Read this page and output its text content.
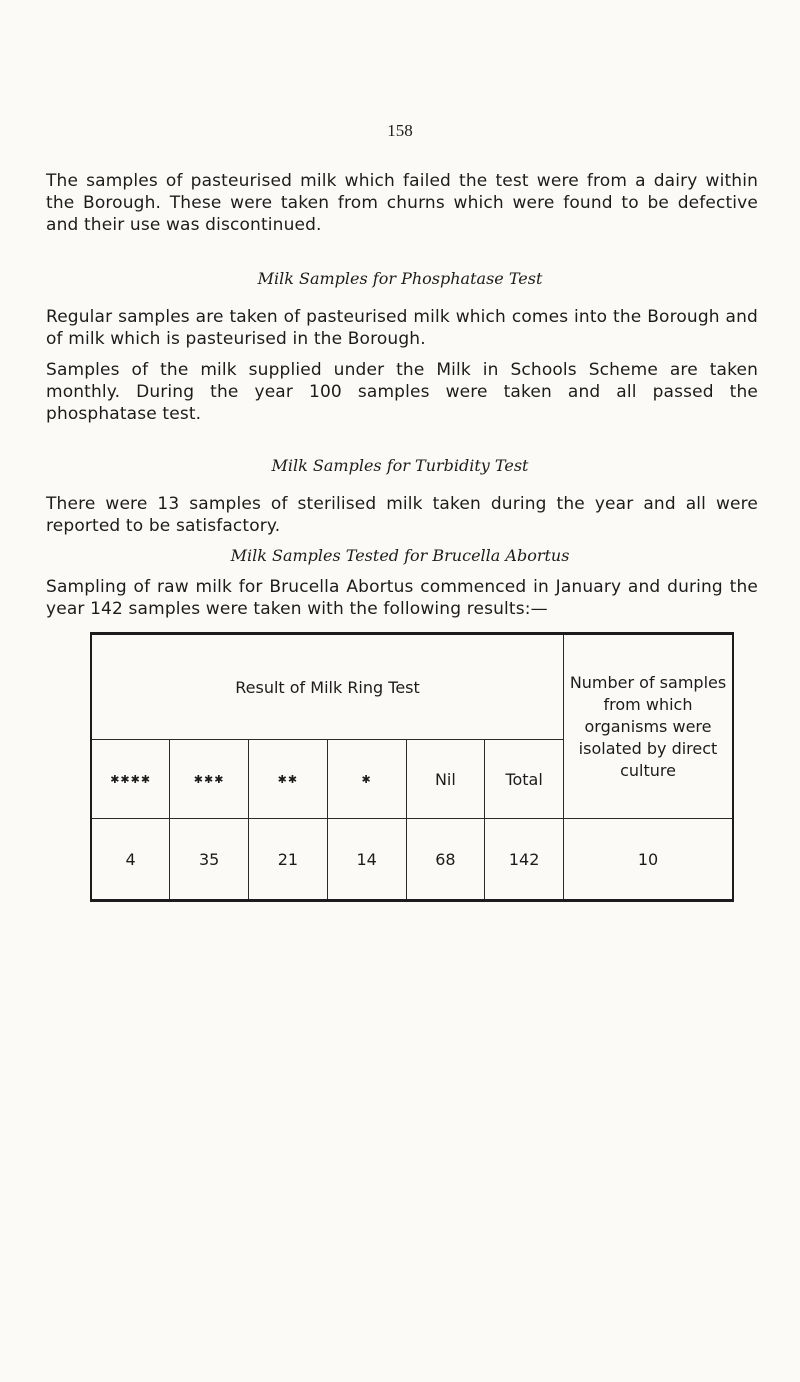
158

The samples of pasteurised milk which failed the test were from a dairy within the Borough. These were taken from churns which were found to be defective and their use was discontinued.

Milk Samples for Phosphatase Test

Regular samples are taken of pasteurised milk which comes into the Borough and of milk which is pasteurised in the Borough.

Samples of the milk supplied under the Milk in Schools Scheme are taken monthly. During the year 100 samples were taken and all passed the phosphatase test.

Milk Samples for Turbidity Test

There were 13 samples of sterilised milk taken during the year and all were reported to be satisfactory.

Milk Samples Tested for Brucella Abortus

Sampling of raw milk for Brucella Abortus commenced in January and during the year 142 samples were taken with the following results:—

Result of Milk Ring Test						Number of samples from which organisms were isolated by direct culture
✱✱✱✱	✱✱✱	✱✱	✱	Nil	Total	
4	35	21	14	68	142	10
